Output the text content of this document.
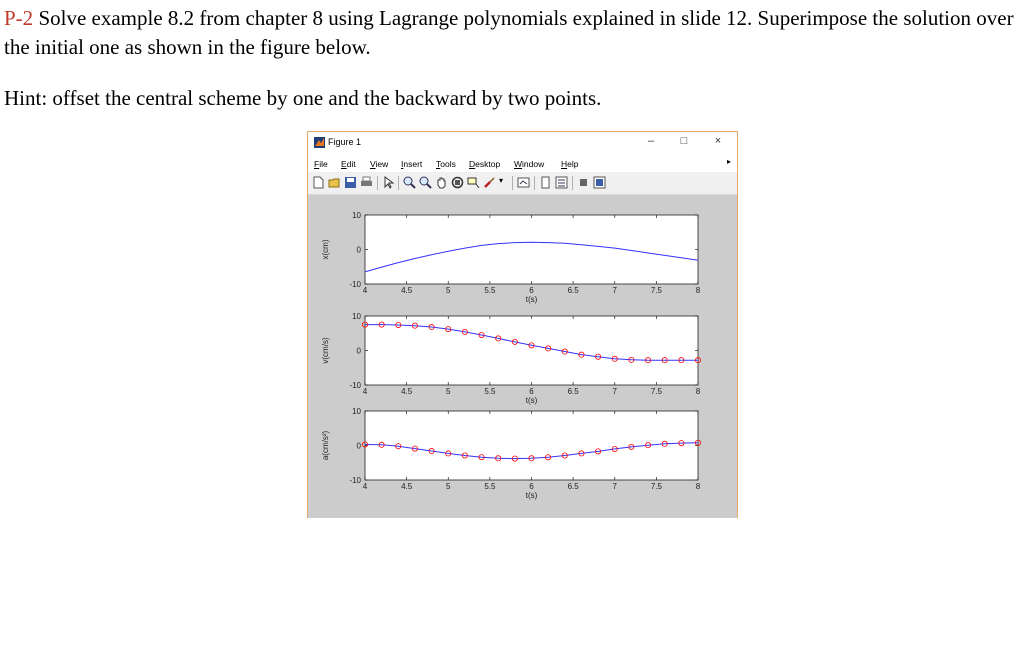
P-2 Solve example 8.2 from chapter 8 using Lagrange polynomials explained in slide 12. Superimpose the solution over the initial one as shown in the figure below.
Hint: offset the central scheme by one and the backward by two points.
Figure 1	–	□	×
File Edit View Insert Tools Desktop Window Help	▸
▾
4	4.5	5	5.5	6	6.5	7	7.5	8
10
0
-10
t(s)
x(cm)
4	4.5	5	5.5	6	6.5	7	7.5	8
10
0
-10
t(s)
v(cm/s)
4	4.5	5	5.5	6	6.5	7	7.5	8
10
0
-10
t(s)
a(cm/s²)
